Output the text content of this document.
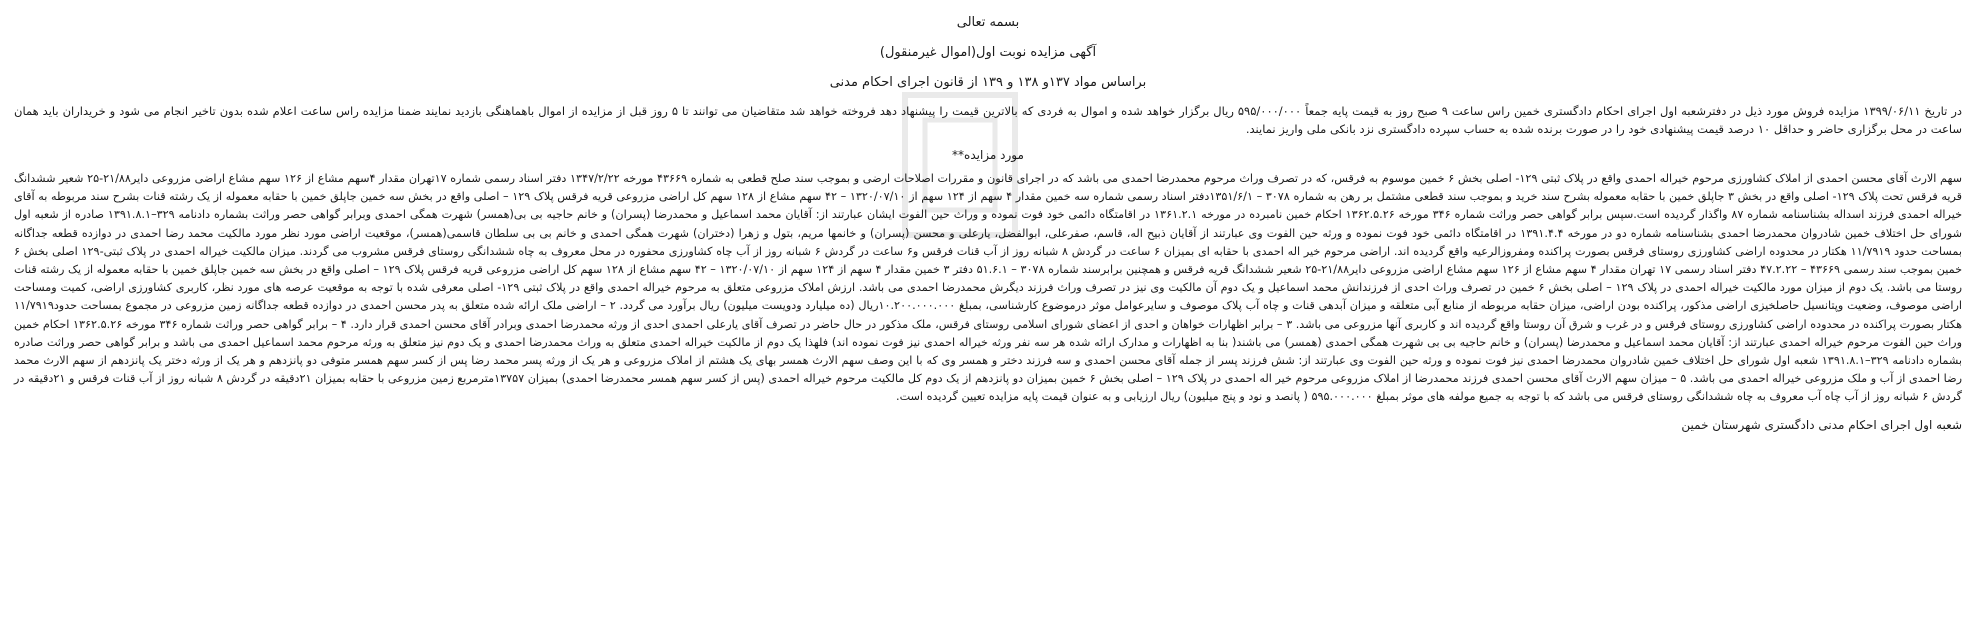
بسمه تعالی

آگهی مزایده نوبت اول(اموال غیرمنقول)

براساس مواد ۱۳۷و ۱۳۸ و ۱۳۹ از قانون اجرای احکام مدنی

در تاریخ ۱۳۹۹/۰۶/۱۱ مزایده فروش مورد ذیل در دفترشعبه اول اجرای احکام دادگستری خمین راس ساعت ۹ صبح روز به قیمت پایه جمعاً ۵۹۵/۰۰۰/۰۰۰ ریال برگزار خواهد شده و اموال به فردی که بالاترین قیمت را پیشنهاد دهد فروخته خواهد شد متقاضیان می توانند تا ۵ روز قبل از مزایده از اموال باهماهنگی بازدید نمایند ضمنا مزایده راس ساعت اعلام شده بدون تاخیر انجام می شود و خریداران باید همان ساعت در محل برگزاری حاضر و حداقل ۱۰ درصد قیمت پیشنهادی خود را در صورت برنده شده به حساب سپرده دادگستری نزد بانکی ملی واریز نمایند.

مورد مزایده**

سهم الارث آقای محسن احمدی از املاک کشاورزی مرحوم خیراله احمدی واقع در پلاک ثبتی ۱۲۹- اصلی بخش ۶ خمین موسوم به فرقس، که در تصرف وراث مرحوم محمدرضا احمدی می باشد که در اجرای قانون و مقررات اصلاحات ارضی و بموجب سند صلح قطعی به شماره ۴۳۶۶۹ مورخه ۱۳۴۷/۲/۲۲ دفتر اسناد رسمی شماره ۱۷تهران مقدار ۴سهم مشاع از ۱۲۶ سهم مشاع اراضی مزروعی دایر۲۱/۸۸-۲۵ شعیر ششدانگ قریه فرقس تحت پلاک ۱۲۹- اصلی واقع در بخش ۳ جاپلق خمین با حقابه معموله بشرح سند خرید و بموجب سند قطعی مشتمل بر رهن به شماره ۳۰۷۸ – ۱۳۵۱/۶/۱دفتر اسناد رسمی شماره سه خمین مقدار ۴ سهم از ۱۲۴ سهم از ۱۳۲۰/۰۷/۱۰ – ۴۲ سهم مشاع از ۱۲۸ سهم کل اراضی مزروعی قریه فرقس پلاک ۱۲۹ – اصلی واقع در بخش سه خمین جاپلق خمین با حقابه معموله از یک رشته قنات بشرح سند مربوطه به آقای خیراله احمدی فرزند اسداله بشناسنامه شماره ۸۷ واگذار گردیده است.سپس برابر گواهی حصر وراثت شماره ۳۴۶ مورخه ۱۳۶۲.۵.۲۶ احکام خمین نامبرده در مورخه ۱۳۶۱.۲.۱ در اقامتگاه دائمی خود فوت نموده و وراث حین الفوت ایشان عبارتند از: آقایان محمد اسماعیل و محمدرضا (پسران) و خانم حاجیه بی بی(همسر) شهرت همگی احمدی وبرابر گواهی حصر وراثت بشماره دادنامه ۳۲۹–۱۳۹۱.۸.۱ صادره از شعبه اول شورای حل اختلاف خمین شادروان محمدرضا احمدی بشناسنامه شماره دو در مورخه ۱۳۹۱.۴.۴ در اقامتگاه دائمی خود فوت نموده و ورثه حین الفوت وی عبارتند از آقایان ذبیح اله، قاسم، صفرعلی، ابوالفضل، یارعلی و محسن (پسران) و خانمها مریم، بتول و زهرا (دختران) شهرت همگی احمدی و خانم بی بی سلطان قاسمی(همسر)، موقعیت اراضی مورد نظر مورد مالکیت محمد رضا احمدی در دوازده قطعه جداگانه بمساحت حدود ۱۱/۷۹۱۹ هکتار در محدوده اراضی کشاورزی روستای فرقس بصورت پراکنده ومفروزالرعیه واقع گردیده اند. اراضی مرحوم خیر اله احمدی با حقابه ای بمیزان ۶ ساعت در گردش ۸ شبانه روز از آب قنات فرقس و۶ ساعت در گردش ۶ شبانه روز از آب چاه کشاورزی محفوره در محل معروف به چاه ششدانگی روستای فرقس مشروب می گردند. میزان مالکیت خیراله احمدی در پلاک ثبتی-۱۲۹ اصلی بخش ۶ خمین بموجب سند رسمی ۴۳۶۶۹ – ۴۷.۲.۲۲ دفتر اسناد رسمی ۱۷ تهران مقدار ۴ سهم مشاع از ۱۲۶ سهم مشاع اراضی مزروعی دایر۲۱/۸۸-۲۵ شعیر ششدانگ قریه فرقس و همچنین برابرسند شماره ۳۰۷۸ – ۵۱.۶.۱ دفتر ۳ خمین مقدار ۴ سهم از ۱۲۴ سهم از ۱۳۲۰/۰۷/۱۰ – ۴۲ سهم مشاع از ۱۲۸ سهم کل اراضی مزروعی قریه فرقس پلاک ۱۲۹ – اصلی واقع در بخش سه خمین جاپلق خمین با حقابه معموله از یک رشته قنات روستا می باشد. یک دوم از میزان مورد مالکیت خیراله احمدی در پلاک ۱۲۹ – اصلی بخش ۶ خمین در تصرف وراث احدی از فرزندانش محمد اسماعیل و یک دوم آن مالکیت وی نیز در تصرف وراث فرزند دیگرش محمدرضا احمدی می باشد. ارزش املاک مزروعی متعلق به مرحوم خیراله احمدی واقع در پلاک ثبتی ۱۲۹- اصلی معرفی شده با توجه به موقعیت عرصه های مورد نظر، کاربری کشاورزی اراضی، کمیت ومساحت اراضی موصوف، وضعیت وپتانسیل حاصلخیزی اراضی مذکور، پراکنده بودن اراضی، میزان حقابه مربوطه از منابع آبی متعلقه و میزان آبدهی قنات و چاه آب پلاک موصوف و سایرعوامل موثر درموضوع کارشناسی، بمبلغ ۱۰.۲۰۰.۰۰۰.۰۰۰ریال (ده میلیارد ودویست میلیون) ریال برآورد می گردد. ۲ – اراضی ملک ارائه شده متعلق به پدر محسن احمدی در دوازده قطعه جداگانه زمین مزروعی در مجموع بمساحت حدود۱۱/۷۹۱۹ هکتار بصورت پراکنده در محدوده اراضی کشاورزی روستای فرقس و در غرب و شرق آن روستا واقع گردیده اند و کاربری آنها مزروعی می باشد. ۳ – برابر اظهارات خواهان و احدی از اعضای شورای اسلامی روستای فرقس، ملک مذکور در حال حاضر در تصرف آقای یارعلی احمدی احدی از ورثه محمدرضا احمدی وبرادر آقای محسن احمدی قرار دارد. ۴ – برابر گواهی حصر وراثت شماره ۳۴۶ مورخه ۱۳۶۲.۵.۲۶ احکام خمین وراث حین الفوت مرحوم خیراله احمدی عبارتند از: آقایان محمد اسماعیل و محمدرضا (پسران) و خانم حاجیه بی بی شهرت همگی احمدی (همسر) می باشند( بنا به اظهارات و مدارک ارائه شده هر سه نفر ورثه خیراله احمدی نیز فوت نموده اند) فلهذا یک دوم از مالکیت خیراله احمدی متعلق به وراث محمدرضا احمدی و یک دوم نیز متعلق به ورثه مرحوم محمد اسماعیل احمدی می باشد و برابر گواهی حصر وراثت صادره بشماره دادنامه ۳۲۹–۱۳۹۱.۸.۱ شعبه اول شورای حل اختلاف خمین شادروان محمدرضا احمدی نیز فوت نموده و ورثه حین الفوت وی عبارتند از: شش فرزند پسر از جمله آقای محسن احمدی و سه فرزند دختر و همسر وی که با این وصف سهم الارث همسر بهای یک هشتم از املاک مزروعی و هر یک از ورثه پسر محمد رضا پس از کسر سهم همسر متوفی دو پانزدهم و هر یک از ورثه دختر یک پانزدهم از سهم الارث محمد رضا احمدی از آب و ملک مزروعی خیراله احمدی می باشد. ۵ – میزان سهم الارث آقای محسن احمدی فرزند محمدرضا از املاک مزروعی مرحوم خیر اله احمدی در پلاک ۱۲۹ – اصلی بخش ۶ خمین بمیزان دو پانزدهم از یک دوم کل مالکیت مرحوم خیراله احمدی (پس از کسر سهم همسر محمدرضا احمدی) بمیزان ۱۳۷۵۷مترمربع زمین مزروعی با حقابه بمیزان ۲۱دقیقه در گردش ۸ شبانه روز از آب قنات فرقس و ۲۱دقیقه در گردش ۶ شبانه روز از آب چاه آب معروف به چاه ششدانگی روستای فرقس می باشد که با توجه به جمیع مولفه های موثر بمبلغ ۵۹۵.۰۰۰.۰۰۰ ( پانصد و نود و پنج میلیون) ریال ارزیابی و به عنوان قیمت پایه مزایده تعیین گردیده است.

شعبه اول اجرای احکام مدنی دادگستری شهرستان خمین
